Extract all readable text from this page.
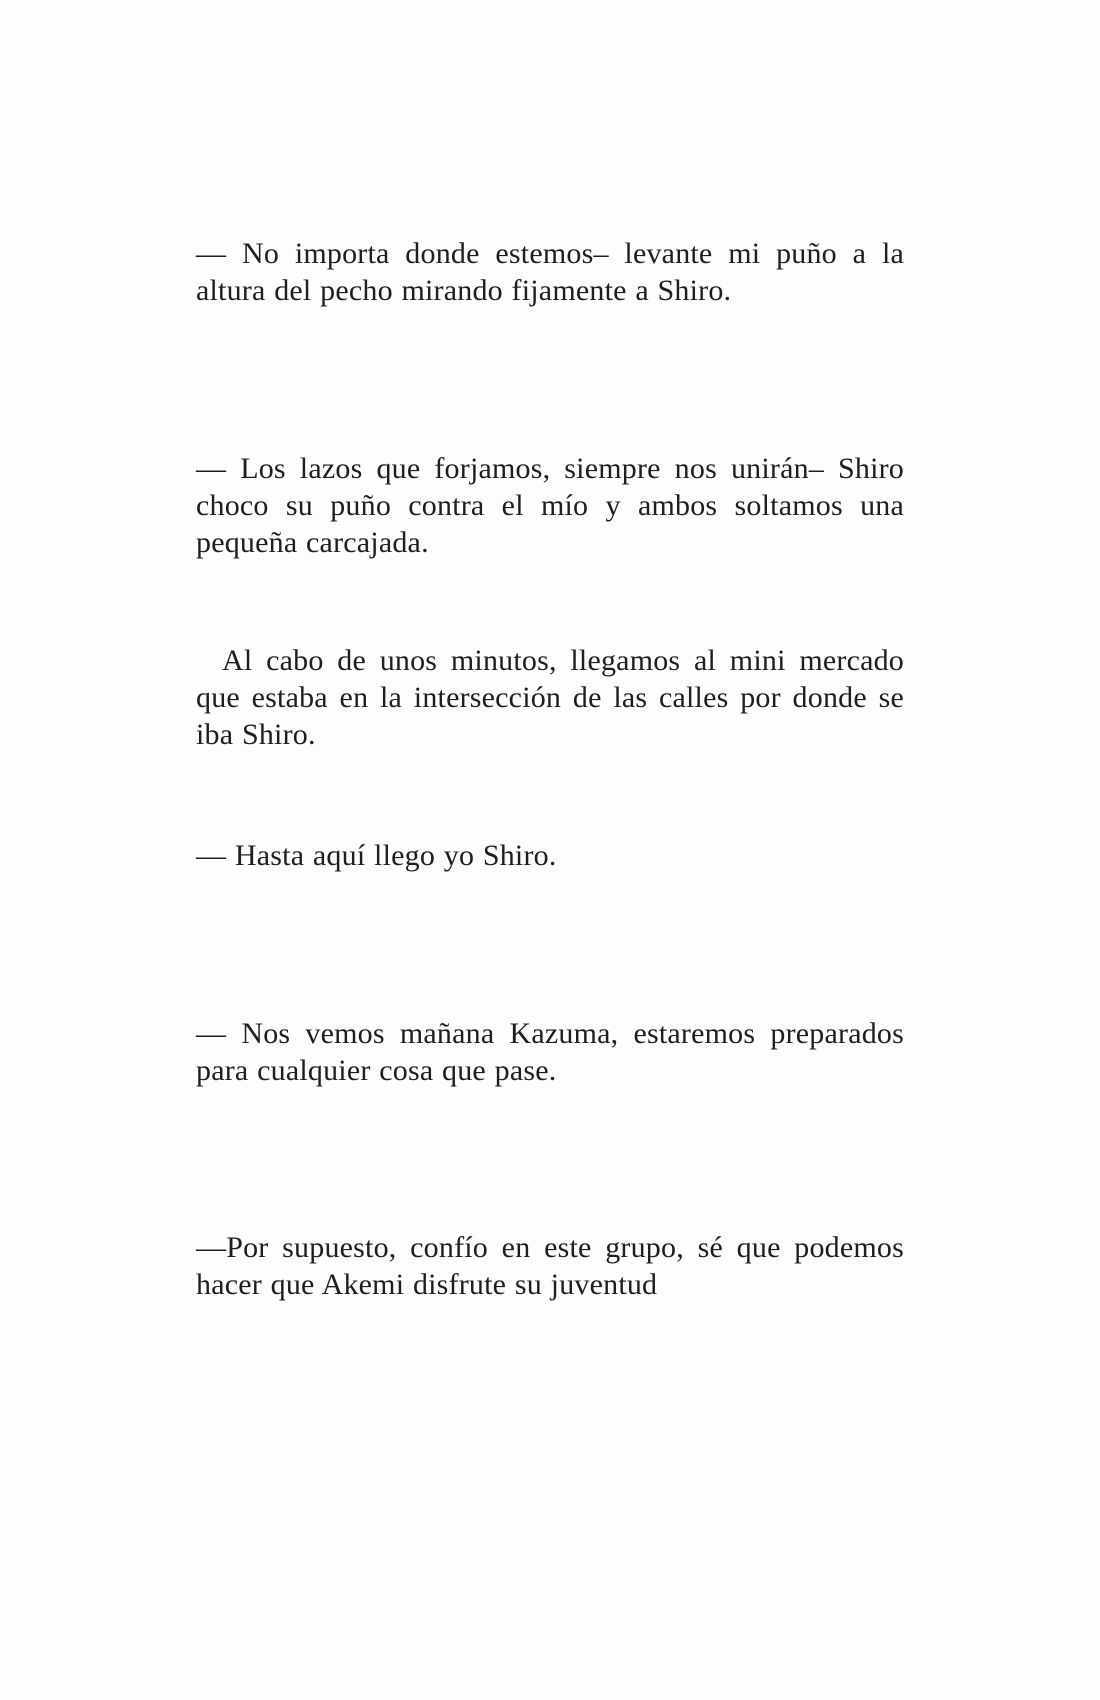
— No importa donde estemos– levante mi puño a la altura del pecho mirando fijamente a Shiro.

— Los lazos que forjamos, siempre nos unirán– Shiro choco su puño contra el mío y ambos soltamos una pequeña carcajada.

Al cabo de unos minutos, llegamos al mini mercado que estaba en la intersección de las calles por donde se iba Shiro.

— Hasta aquí llego yo Shiro.

— Nos vemos mañana Kazuma, estaremos preparados para cualquier cosa que pase.

—Por supuesto, confío en este grupo, sé que podemos hacer que Akemi disfrute su juventud
